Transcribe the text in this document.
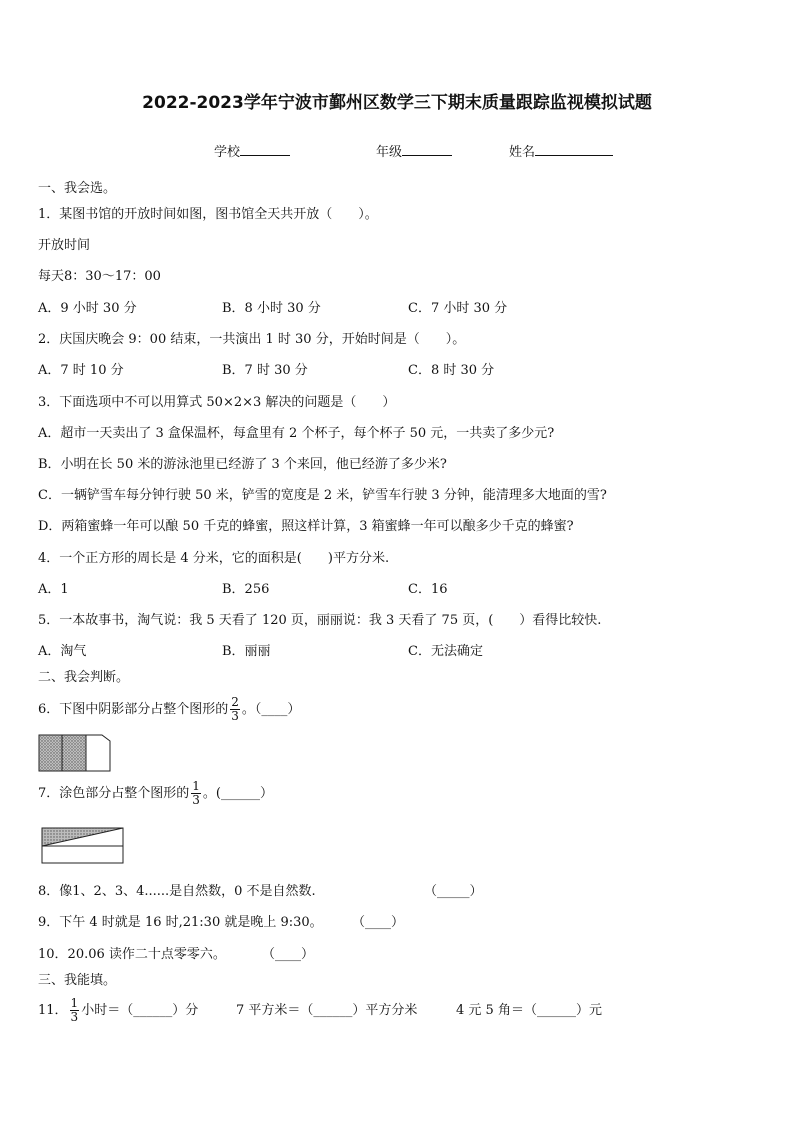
2022-2023学年宁波市鄞州区数学三下期末质量跟踪监视模拟试题
学校	年级	姓名
一、我会选。
1．某图书馆的开放时间如图，图书馆全天共开放（　　）。
开放时间
每天8：30～17：00
A．9 小时 30 分	B．8 小时 30 分	C．7 小时 30 分
2．庆国庆晚会 9：00 结束，一共演出 1 时 30 分，开始时间是（　　）。
A．7 时 10 分	B．7 时 30 分	C．8 时 30 分
3．下面选项中不可以用算式 50×2×3 解决的问题是（　　）
A．超市一天卖出了 3 盒保温杯，每盒里有 2 个杯子，每个杯子 50 元，一共卖了多少元?
B．小明在长 50 米的游泳池里已经游了 3 个来回，他已经游了多少米?
C．一辆铲雪车每分钟行驶 50 米，铲雪的宽度是 2 米，铲雪车行驶 3 分钟，能清理多大地面的雪?
D．两箱蜜蜂一年可以酿 50 千克的蜂蜜，照这样计算，3 箱蜜蜂一年可以酿多少千克的蜂蜜?
4．一个正方形的周长是 4 分米，它的面积是(　　)平方分米.
A．1	B．256	C．16
5．一本故事书，淘气说：我 5 天看了 120 页，丽丽说：我 3 天看了 75 页，(　　）看得比较快.
A．淘气	B．丽丽	C．无法确定
二、我会判断。
6．下图中阴影部分占整个图形的 $\frac{2}{3}$ 。（____）
7．涂色部分占整个图形的 $\frac{1}{3}$ 。(______）
8．像1、2、3、4......是自然数，0 不是自然数.	（_____）
9．下午 4 时就是 16 时,21:30 就是晚上 9:30。 （____）
10．20.06 读作二十点零零六。	（____）
三、我能填。
11． $\frac{1}{3}$ 小时＝（______）分	7 平方米＝（______）平方分米	4 元 5 角＝（______）元
